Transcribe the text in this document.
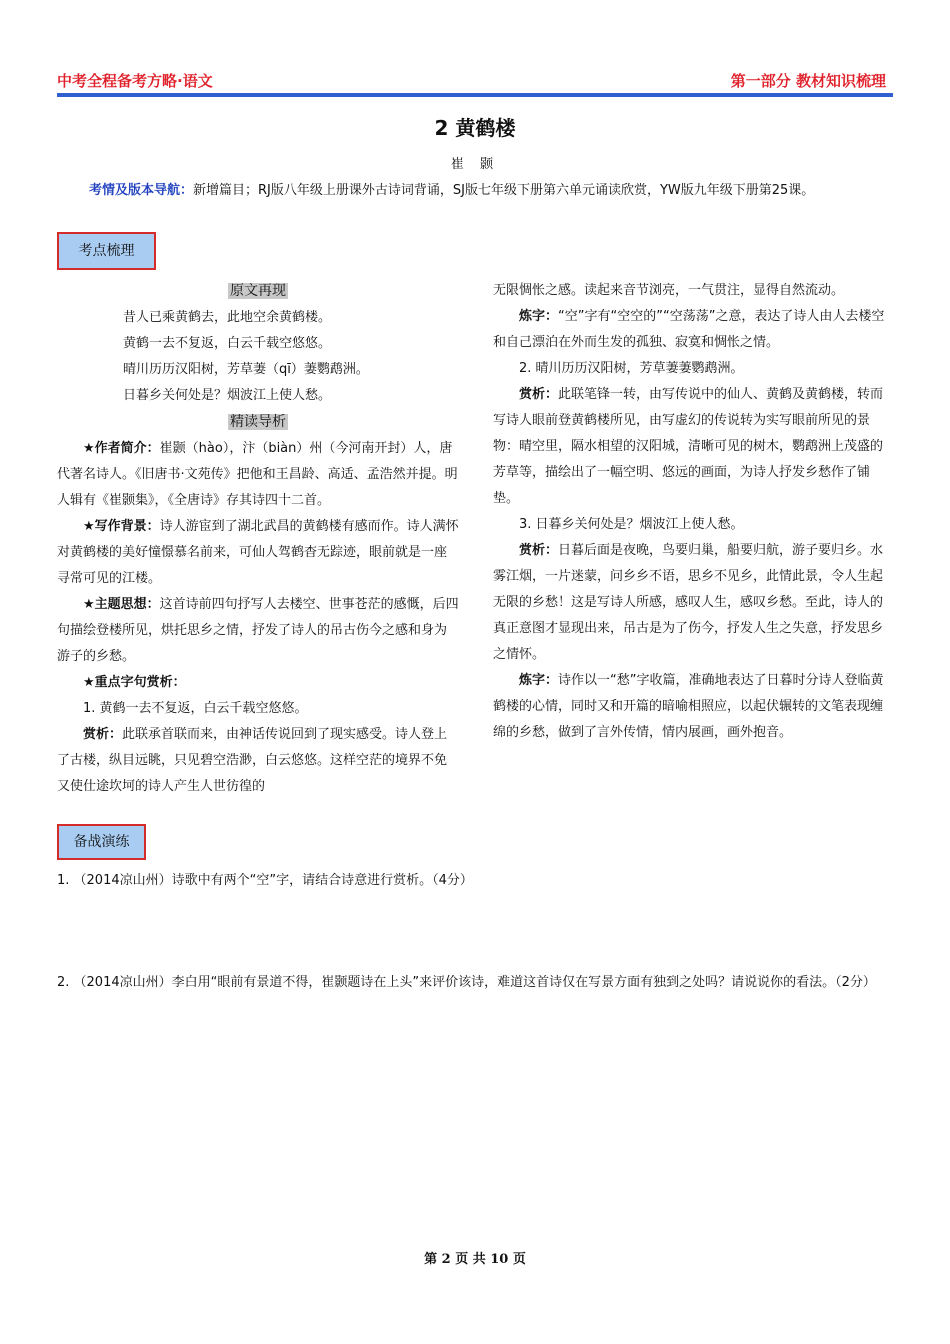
中考全程备考方略·语文	第一部分 教材知识梳理
2 黄鹤楼
崔 颢
考情及版本导航：新增篇目；RJ版八年级上册课外古诗词背诵，SJ版七年级下册第六单元诵读欣赏，YW版九年级下册第25课。
考点梳理

原文再现

昔人已乘黄鹤去，此地空余黄鹤楼。

黄鹤一去不复返，白云千载空悠悠。

晴川历历汉阳树，芳草萋（qī）萋鹦鹉洲。

日暮乡关何处是？烟波江上使人愁。

精读导析

★作者简介：崔颢（hào），汴（biàn）州（今河南开封）人，唐代著名诗人。《旧唐书·文苑传》把他和王昌龄、高适、孟浩然并提。明人辑有《崔颢集》，《全唐诗》存其诗四十二首。

★写作背景：诗人游宦到了湖北武昌的黄鹤楼有感而作。诗人满怀对黄鹤楼的美好憧憬慕名前来，可仙人驾鹤杳无踪迹，眼前就是一座寻常可见的江楼。

★主题思想：这首诗前四句抒写人去楼空、世事苍茫的感慨，后四句描绘登楼所见，烘托思乡之情，抒发了诗人的吊古伤今之感和身为游子的乡愁。

★重点字句赏析：

1. 黄鹤一去不复返，白云千载空悠悠。

赏析：此联承首联而来，由神话传说回到了现实感受。诗人登上了古楼，纵目远眺，只见碧空浩渺，白云悠悠。这样空茫的境界不免又使仕途坎坷的诗人产生人世彷徨的

无限惆怅之感。读起来音节浏亮，一气贯注，显得自然流动。

炼字：“空”字有“空空的”“空荡荡”之意，表达了诗人由人去楼空和自己漂泊在外而生发的孤独、寂寞和惆怅之情。

2. 晴川历历汉阳树，芳草萋萋鹦鹉洲。

赏析：此联笔锋一转，由写传说中的仙人、黄鹤及黄鹤楼，转而写诗人眼前登黄鹤楼所见，由写虚幻的传说转为实写眼前所见的景物：晴空里，隔水相望的汉阳城，清晰可见的树木，鹦鹉洲上茂盛的芳草等，描绘出了一幅空明、悠远的画面，为诗人抒发乡愁作了铺垫。

3. 日暮乡关何处是？烟波江上使人愁。

赏析：日暮后面是夜晚，鸟要归巢，船要归航，游子要归乡。水雾江烟，一片迷蒙，问乡乡不语，思乡不见乡，此情此景，令人生起无限的乡愁！这是写诗人所感，感叹人生，感叹乡愁。至此，诗人的真正意图才显现出来，吊古是为了伤今，抒发人生之失意，抒发思乡之情怀。

炼字：诗作以一“愁”字收篇，准确地表达了日暮时分诗人登临黄鹤楼的心情，同时又和开篇的暗喻相照应，以起伏辗转的文笔表现缠绵的乡愁，做到了言外传情，情内展画，画外抱音。

备战演练
1. （2014凉山州）诗歌中有两个“空”字，请结合诗意进行赏析。（4分）
2. （2014凉山州）李白用“眼前有景道不得，崔颢题诗在上头”来评价该诗，难道这首诗仅在写景方面有独到之处吗？请说说你的看法。（2分）
第 2 页 共 10 页
